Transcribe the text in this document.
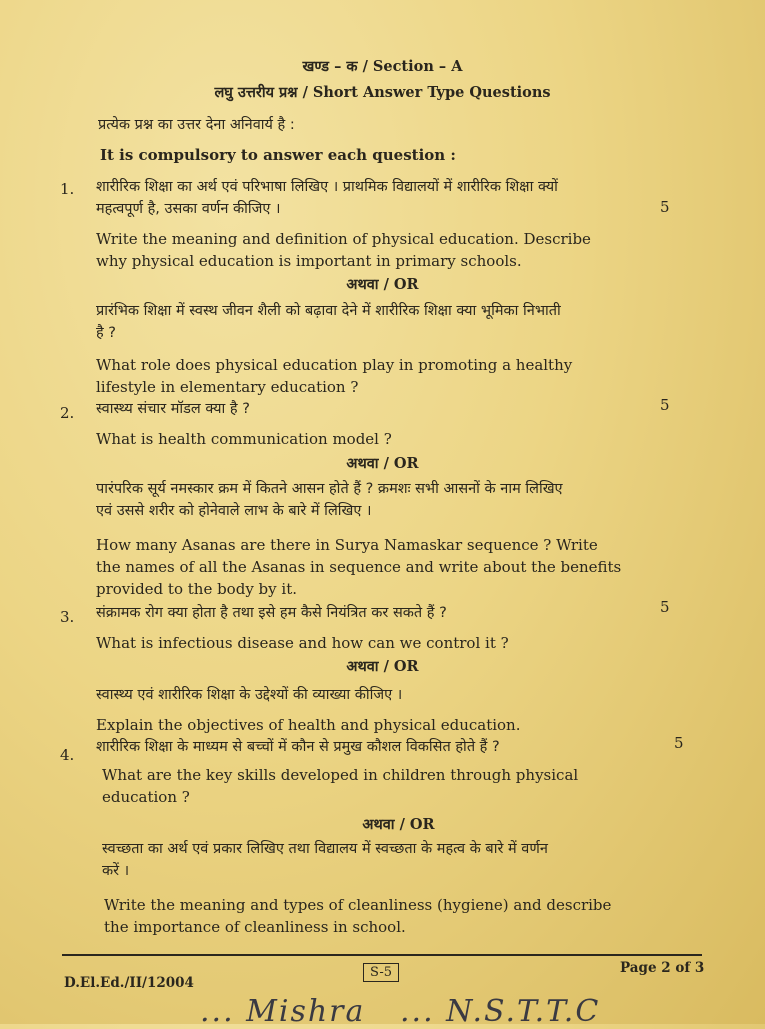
खण्ड – क / Section – A
लघु उत्तरीय प्रश्न / Short Answer Type Questions
प्रत्येक प्रश्न का उत्तर देना अनिवार्य है :
It is compulsory to answer each question :
1. शारीरिक शिक्षा का अर्थ एवं परिभाषा लिखिए । प्राथमिक विद्यालयों में शारीरिक शिक्षा क्यों
महत्वपूर्ण है, उसका वर्णन कीजिए ।	5
Write the meaning and definition of physical education. Describe
why physical education is important in primary schools.
अथवा / OR
प्रारंभिक शिक्षा में स्वस्थ जीवन शैली को बढ़ावा देने में शारीरिक शिक्षा क्या भूमिका निभाती
है ?
What role does physical education play in promoting a healthy
lifestyle in elementary education ?
2. स्वास्थ्य संचार मॉडल क्या है ?	5
What is health communication model ?
अथवा / OR
पारंपरिक सूर्य नमस्कार क्रम में कितने आसन होते हैं ? क्रमशः सभी आसनों के नाम लिखिए
एवं उससे शरीर को होनेवाले लाभ के बारे में लिखिए ।
How many Asanas are there in Surya Namaskar sequence ? Write
the names of all the Asanas in sequence and write about the benefits
provided to the body by it.
3. संक्रामक रोग क्या होता है तथा इसे हम कैसे नियंत्रित कर सकते हैं ?	5
What is infectious disease and how can we control it ?
अथवा / OR
स्वास्थ्य एवं शारीरिक शिक्षा के उद्देश्यों की व्याख्या कीजिए ।
Explain the objectives of health and physical education.
4. शारीरिक शिक्षा के माध्यम से बच्चों में कौन से प्रमुख कौशल विकसित होते हैं ?	5
What are the key skills developed in children through physical
education ?
अथवा / OR
स्वच्छता का अर्थ एवं प्रकार लिखिए तथा विद्यालय में स्वच्छता के महत्व के बारे में वर्णन
करें ।
Write the meaning and types of cleanliness (hygiene) and describe
the importance of cleanliness in school.
D.El.Ed./II/12004
S-5	Page 2 of 3
... Mishra   ... N.S.T.T.C
